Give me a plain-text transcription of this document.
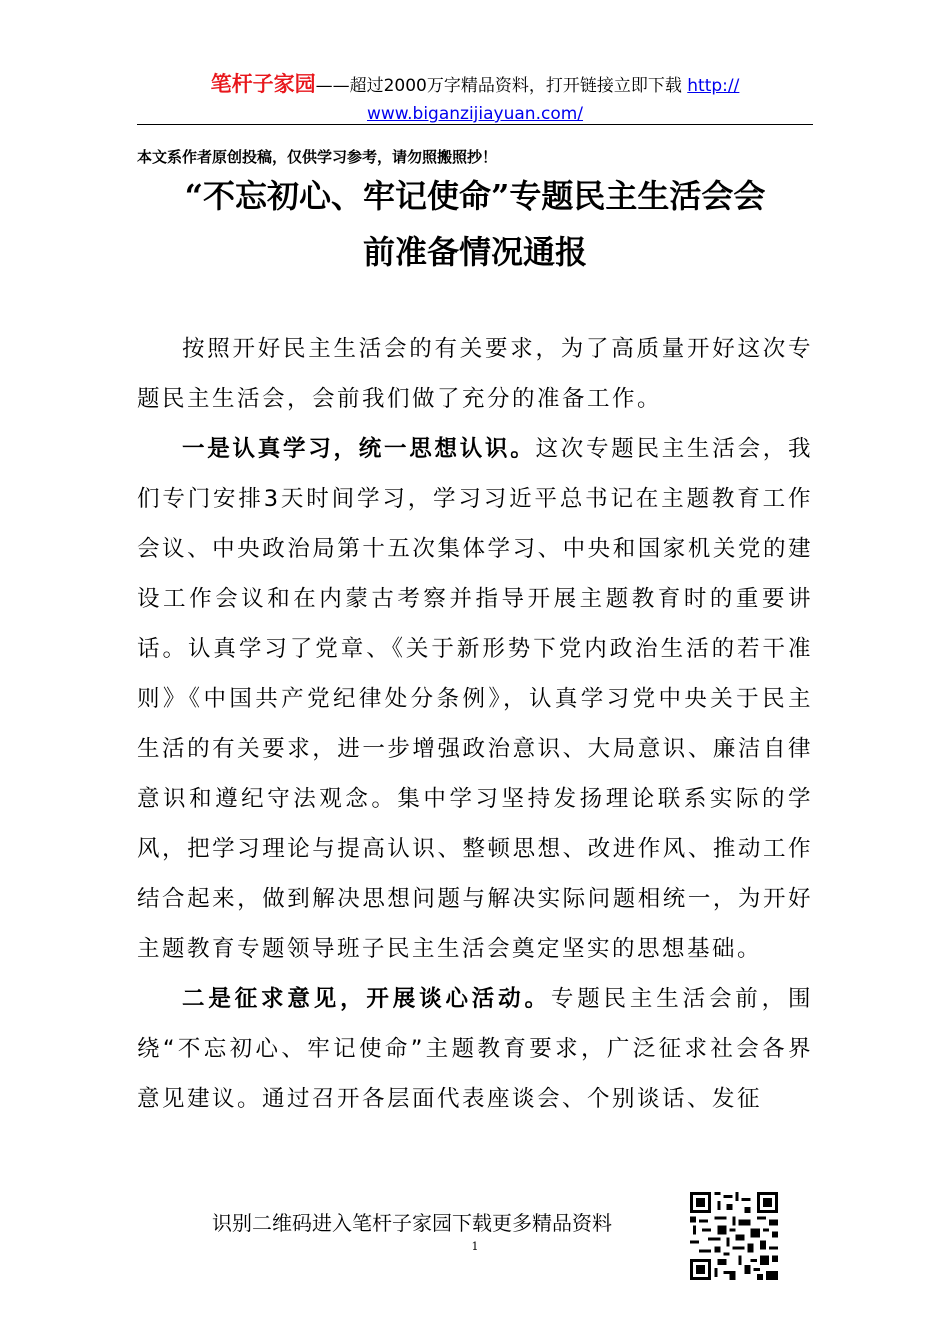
笔杆子家园——超过2000万字精品资料，打开链接立即下载 http://
www.biganzijiayuan.com/
本文系作者原创投稿，仅供学习参考，请勿照搬照抄！
“不忘初心、牢记使命”专题民主生活会会
前准备情况通报

按照开好民主生活会的有关要求，为了高质量开好这次专题民主生活会，会前我们做了充分的准备工作。

一是认真学习，统一思想认识。这次专题民主生活会，我们专门安排3天时间学习，学习习近平总书记在主题教育工作会议、中央政治局第十五次集体学习、中央和国家机关党的建设工作会议和在内蒙古考察并指导开展主题教育时的重要讲话。认真学习了党章、《关于新形势下党内政治生活的若干准则》《中国共产党纪律处分条例》，认真学习党中央关于民主生活的有关要求，进一步增强政治意识、大局意识、廉洁自律意识和遵纪守法观念。集中学习坚持发扬理论联系实际的学风，把学习理论与提高认识、整顿思想、改进作风、推动工作结合起来，做到解决思想问题与解决实际问题相统一，为开好主题教育专题领导班子民主生活会奠定坚实的思想基础。

二是征求意见，开展谈心活动。专题民主生活会前，围绕“不忘初心、牢记使命”主题教育要求，广泛征求社会各界意见建议。通过召开各层面代表座谈会、个别谈话、发征

识别二维码进入笔杆子家园下载更多精品资料
1
